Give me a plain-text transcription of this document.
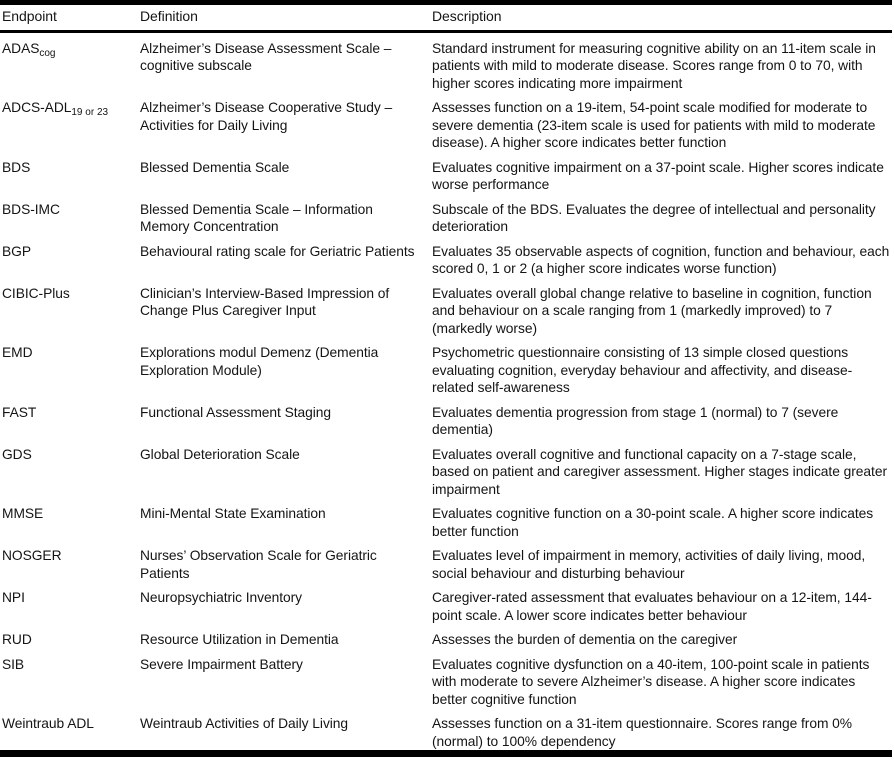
Endpoint	Definition	Description
$ADAS_{cog}$	Alzheimer’s Disease Assessment Scale – cognitive subscale	Standard instrument for measuring cognitive ability on an 11-item scale in patients with mild to moderate disease. Scores range from 0 to 70, with higher scores indicating more impairment
ADCS-$ADL_{19 or 23}$	Alzheimer’s Disease Cooperative Study – Activities for Daily Living	Assesses function on a 19-item, 54-point scale modified for moderate to severe dementia (23-item scale is used for patients with mild to moderate disease). A higher score indicates better function
BDS	Blessed Dementia Scale	Evaluates cognitive impairment on a 37-point scale. Higher scores indicate worse performance
BDS-IMC	Blessed Dementia Scale – Information Memory Concentration	Subscale of the BDS. Evaluates the degree of intellectual and personality deterioration
BGP	Behavioural rating scale for Geriatric Patients	Evaluates 35 observable aspects of cognition, function and behaviour, each scored 0, 1 or 2 (a higher score indicates worse function)
CIBIC-Plus	Clinician’s Interview-Based Impression of Change Plus Caregiver Input	Evaluates overall global change relative to baseline in cognition, function and behaviour on a scale ranging from 1 (markedly improved) to 7 (markedly worse)
EMD	Explorations modul Demenz (Dementia Exploration Module)	Psychometric questionnaire consisting of 13 simple closed questions evaluating cognition, everyday behaviour and affectivity, and disease-related self-awareness
FAST	Functional Assessment Staging	Evaluates dementia progression from stage 1 (normal) to 7 (severe dementia)
GDS	Global Deterioration Scale	Evaluates overall cognitive and functional capacity on a 7-stage scale, based on patient and caregiver assessment. Higher stages indicate greater impairment
MMSE	Mini-Mental State Examination	Evaluates cognitive function on a 30-point scale. A higher score indicates better function
NOSGER	Nurses’ Observation Scale for Geriatric Patients	Evaluates level of impairment in memory, activities of daily living, mood, social behaviour and disturbing behaviour
NPI	Neuropsychiatric Inventory	Caregiver-rated assessment that evaluates behaviour on a 12-item, 144-point scale. A lower score indicates better behaviour
RUD	Resource Utilization in Dementia	Assesses the burden of dementia on the caregiver
SIB	Severe Impairment Battery	Evaluates cognitive dysfunction on a 40-item, 100-point scale in patients with moderate to severe Alzheimer’s disease. A higher score indicates better cognitive function
Weintraub ADL	Weintraub Activities of Daily Living	Assesses function on a 31-item questionnaire. Scores range from 0% (normal) to 100% dependency
